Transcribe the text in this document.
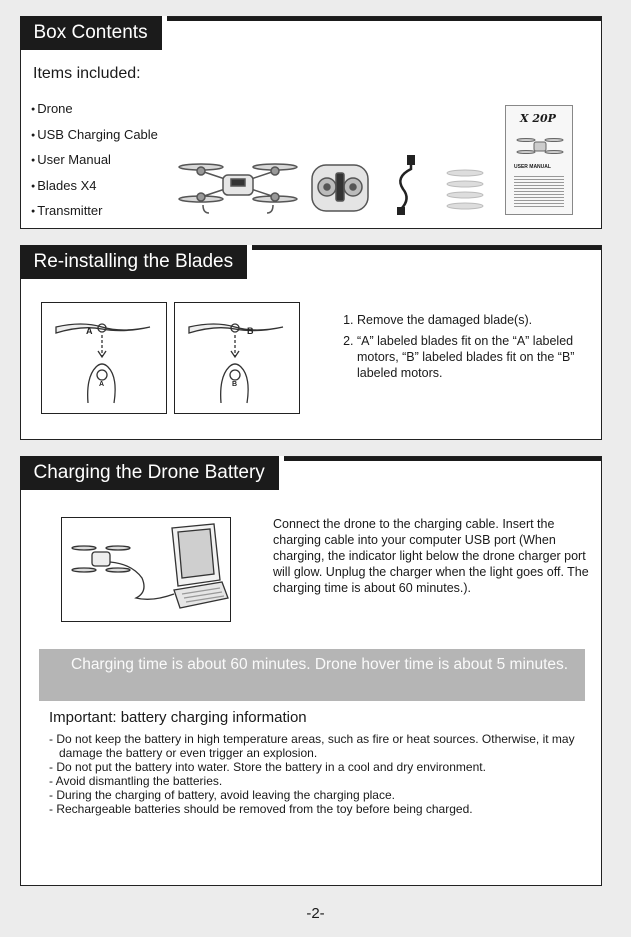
Box Contents
Items included:
● Drone
● USB Charging Cable
● User Manual
● Blades X4
● Transmitter
X 20P
USER MANUAL
Re-installing the Blades
A
A
B
B
1. Remove the damaged blade(s).
2. “A” labeled blades fit on the “A” labeled motors, “B” labeled blades fit on the “B” labeled motors.
Charging the Drone Battery
Connect the drone to the charging cable. Insert the charging cable into your computer USB port (When charging, the indicator light below the drone charger port will glow. Unplug the charger when the light goes off. The charging time is about 60 minutes.).
Charging time is about 60 minutes. Drone hover time is about 5 minutes.
Important: battery charging information
- Do not keep the battery in high temperature areas, such as fire or heat sources. Otherwise, it may damage the battery or even trigger an explosion.
- Do not put the battery into water. Store the battery in a cool and dry environment.
- Avoid dismantling the batteries.
- During the charging of battery, avoid leaving the charging place.
- Rechargeable batteries should be removed from the toy before being charged.
-2-
